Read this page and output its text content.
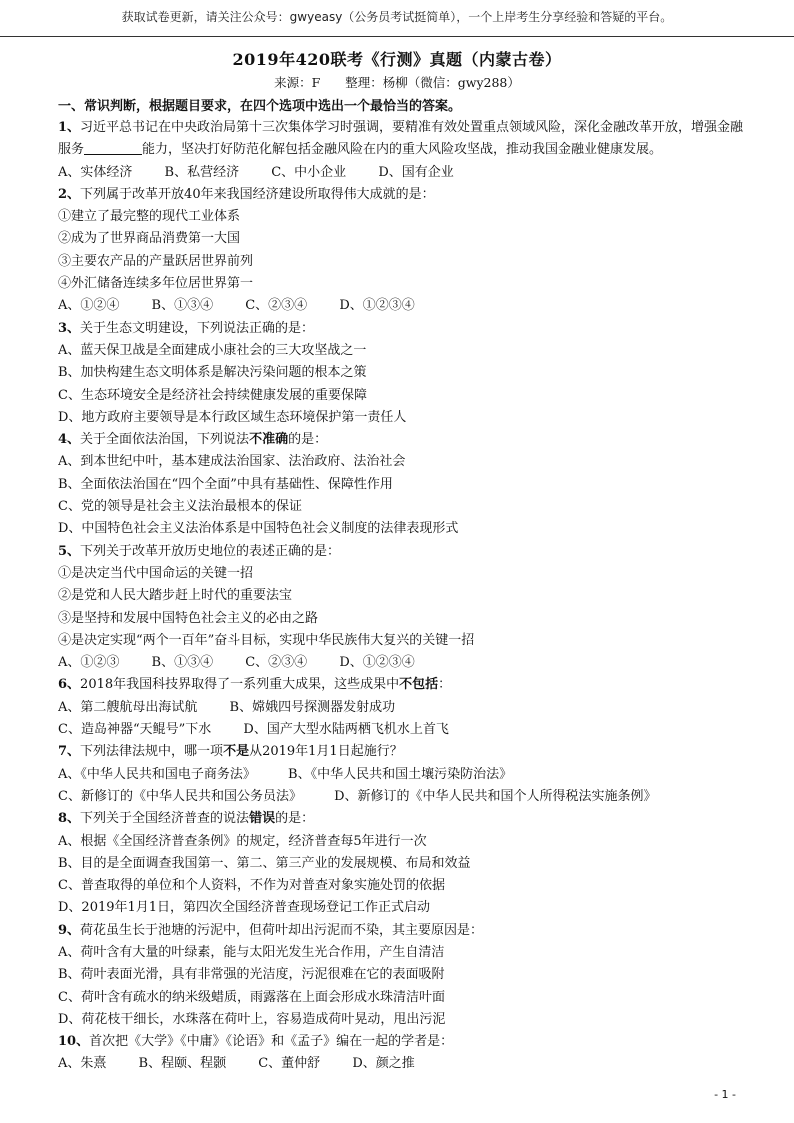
获取试卷更新，请关注公众号：gwyeasy（公务员考试挺简单），一个上岸考生分享经验和答疑的平台。
2019年420联考《行测》真题（内蒙古卷）
来源：F　　整理：杨柳（微信：gwy288）
一、常识判断，根据题目要求，在四个选项中选出一个最恰当的答案。
1、习近平总书记在中央政治局第十三次集体学习时强调，要精准有效处置重点领域风险，深化金融改革开放，增强金融服务	能力，坚决打好防范化解包括金融风险在内的重大风险攻坚战，推动我国金融业健康发展。
A、实体经济 B、私营经济 C、中小企业 D、国有企业
2、下列属于改革开放40年来我国经济建设所取得伟大成就的是：
①建立了最完整的现代工业体系
②成为了世界商品消费第一大国
③主要农产品的产量跃居世界前列
④外汇储备连续多年位居世界第一
A、①②④ B、①③④ C、②③④ D、①②③④
3、关于生态文明建设，下列说法正确的是：
A、蓝天保卫战是全面建成小康社会的三大攻坚战之一
B、加快构建生态文明体系是解决污染问题的根本之策
C、生态环境安全是经济社会持续健康发展的重要保障
D、地方政府主要领导是本行政区域生态环境保护第一责任人
4、关于全面依法治国，下列说法不准确的是：
A、到本世纪中叶，基本建成法治国家、法治政府、法治社会
B、全面依法治国在“四个全面”中具有基础性、保障性作用
C、党的领导是社会主义法治最根本的保证
D、中国特色社会主义法治体系是中国特色社会义制度的法律表现形式
5、下列关于改革开放历史地位的表述正确的是：
①是决定当代中国命运的关键一招
②是党和人民大踏步赶上时代的重要法宝
③是坚持和发展中国特色社会主义的必由之路
④是决定实现“两个一百年”奋斗目标，实现中华民族伟大复兴的关键一招
A、①②③ B、①③④ C、②③④ D、①②③④
6、2018年我国科技界取得了一系列重大成果，这些成果中不包括：
A、第二艘航母出海试航 B、嫦娥四号探测器发射成功
C、造岛神器“天鲲号”下水 D、国产大型水陆两栖飞机水上首飞
7、下列法律法规中，哪一项不是从2019年1月1日起施行？
A、《中华人民共和国电子商务法》 B、《中华人民共和国土壤污染防治法》
C、新修订的《中华人民共和国公务员法》 D、新修订的《中华人民共和国个人所得税法实施条例》
8、下列关于全国经济普查的说法错误的是：
A、根据《全国经济普查条例》的规定，经济普查每5年进行一次
B、目的是全面调查我国第一、第二、第三产业的发展规模、布局和效益
C、普查取得的单位和个人资料，不作为对普查对象实施处罚的依据
D、2019年1月1日，第四次全国经济普查现场登记工作正式启动
9、荷花虽生长于池塘的污泥中，但荷叶却出污泥而不染，其主要原因是：
A、荷叶含有大量的叶绿素，能与太阳光发生光合作用，产生自清洁
B、荷叶表面光滑，具有非常强的光洁度，污泥很难在它的表面吸附
C、荷叶含有疏水的纳米级蜡质，雨露落在上面会形成水珠清洁叶面
D、荷花枝干细长，水珠落在荷叶上，容易造成荷叶晃动，甩出污泥
10、首次把《大学》《中庸》《论语》和《孟子》编在一起的学者是：
A、朱熹 B、程颐、程颢 C、董仲舒 D、颜之推
- 1 -
